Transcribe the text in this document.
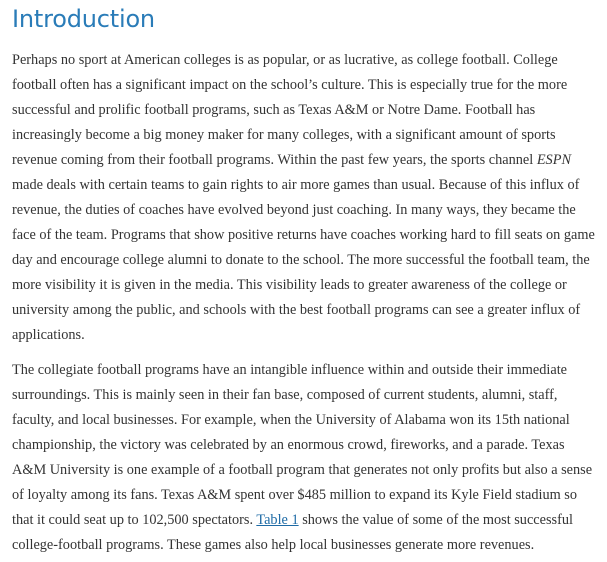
Introduction

Perhaps no sport at American colleges is as popular, or as lucrative, as college football. College
football often has a significant impact on the school’s culture. This is especially true for the more
successful and prolific football programs, such as Texas A&M or Notre Dame. Football has
increasingly become a big money maker for many colleges, with a significant amount of sports
revenue coming from their football programs. Within the past few years, the sports channel ESPN
made deals with certain teams to gain rights to air more games than usual. Because of this influx of
revenue, the duties of coaches have evolved beyond just coaching. In many ways, they became the
face of the team. Programs that show positive returns have coaches working hard to fill seats on game
day and encourage college alumni to donate to the school. The more successful the football team, the
more visibility it is given in the media. This visibility leads to greater awareness of the college or
university among the public, and schools with the best football programs can see a greater influx of
applications.

The collegiate football programs have an intangible influence within and outside their immediate
surroundings. This is mainly seen in their fan base, composed of current students, alumni, staff,
faculty, and local businesses. For example, when the University of Alabama won its 15th national
championship, the victory was celebrated by an enormous crowd, fireworks, and a parade. Texas
A&M University is one example of a football program that generates not only profits but also a sense
of loyalty among its fans. Texas A&M spent over $485 million to expand its Kyle Field stadium so
that it could seat up to 102,500 spectators. Table 1 shows the value of some of the most successful
college-football programs. These games also help local businesses generate more revenues.
